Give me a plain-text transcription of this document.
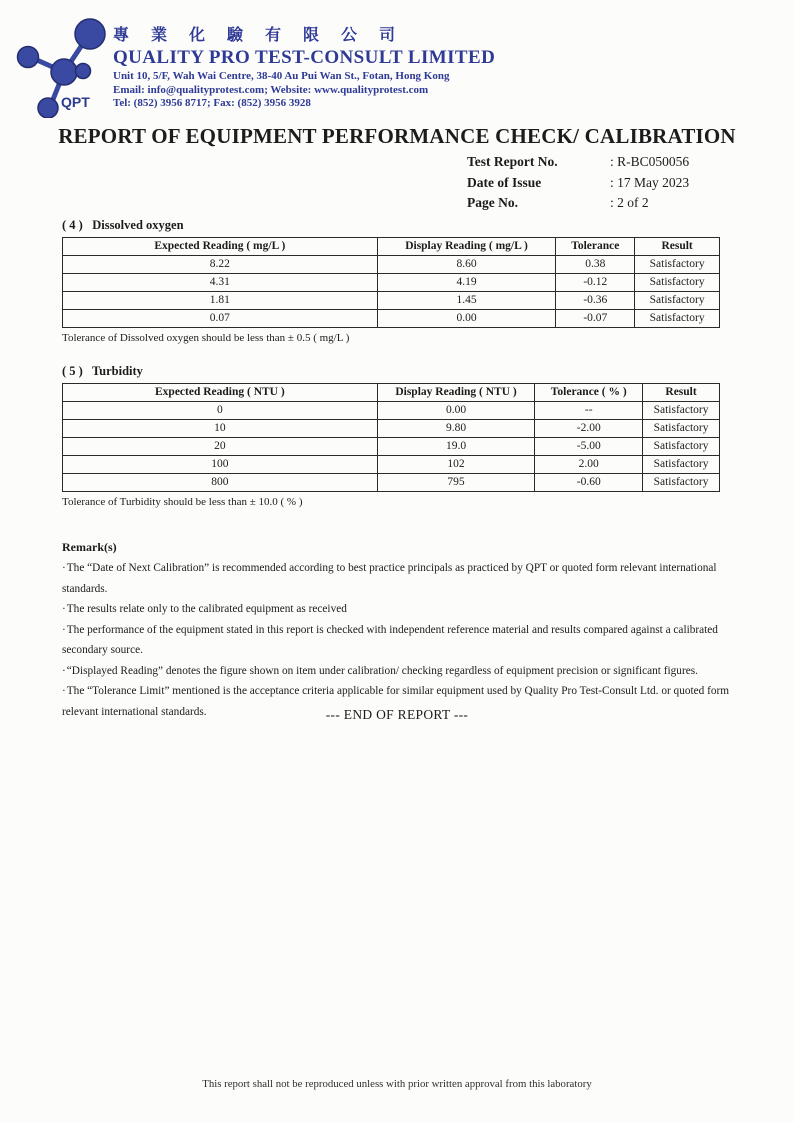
QPT
專 業 化 驗 有 限 公 司
QUALITY PRO TEST-CONSULT LIMITED
Unit 10, 5/F, Wah Wai Centre, 38-40 Au Pui Wan St., Fotan, Hong Kong
Email: info@qualityprotest.com; Website: www.qualityprotest.com
Tel: (852) 3956 8717; Fax: (852) 3956 3928
REPORT OF EQUIPMENT PERFORMANCE CHECK/ CALIBRATION
Test Report No.	: R-BC050056
Date of Issue	: 17 May 2023
Page No.	: 2 of 2
( 4 )   Dissolved oxygen
Expected Reading ( mg/L )	Display Reading ( mg/L )	Tolerance	Result
8.22	8.60	0.38	Satisfactory
4.31	4.19	-0.12	Satisfactory
1.81	1.45	-0.36	Satisfactory
0.07	0.00	-0.07	Satisfactory
Tolerance of Dissolved oxygen should be less than ± 0.5 ( mg/L )
( 5 )   Turbidity
Expected Reading ( NTU )	Display Reading ( NTU )	Tolerance ( % )	Result
0	0.00	--	Satisfactory
10	9.80	-2.00	Satisfactory
20	19.0	-5.00	Satisfactory
100	102	2.00	Satisfactory
800	795	-0.60	Satisfactory
Tolerance of Turbidity should be less than ± 10.0 ( % )
Remark(s)

·The “Date of Next Calibration” is recommended according to best practice principals as practiced by QPT or quoted form relevant international standards.

·The results relate only to the calibrated equipment as received

·The performance of the equipment stated in this report is checked with independent reference material and results compared against a calibrated secondary source.

·“Displayed Reading” denotes the figure shown on item under calibration/ checking regardless of equipment precision or significant figures.

·The “Tolerance Limit” mentioned is the acceptance criteria applicable for similar equipment used by Quality Pro Test-Consult Ltd. or quoted form relevant international standards.	--- END OF REPORT ---
This report shall not be reproduced unless with prior written approval from this laboratory
